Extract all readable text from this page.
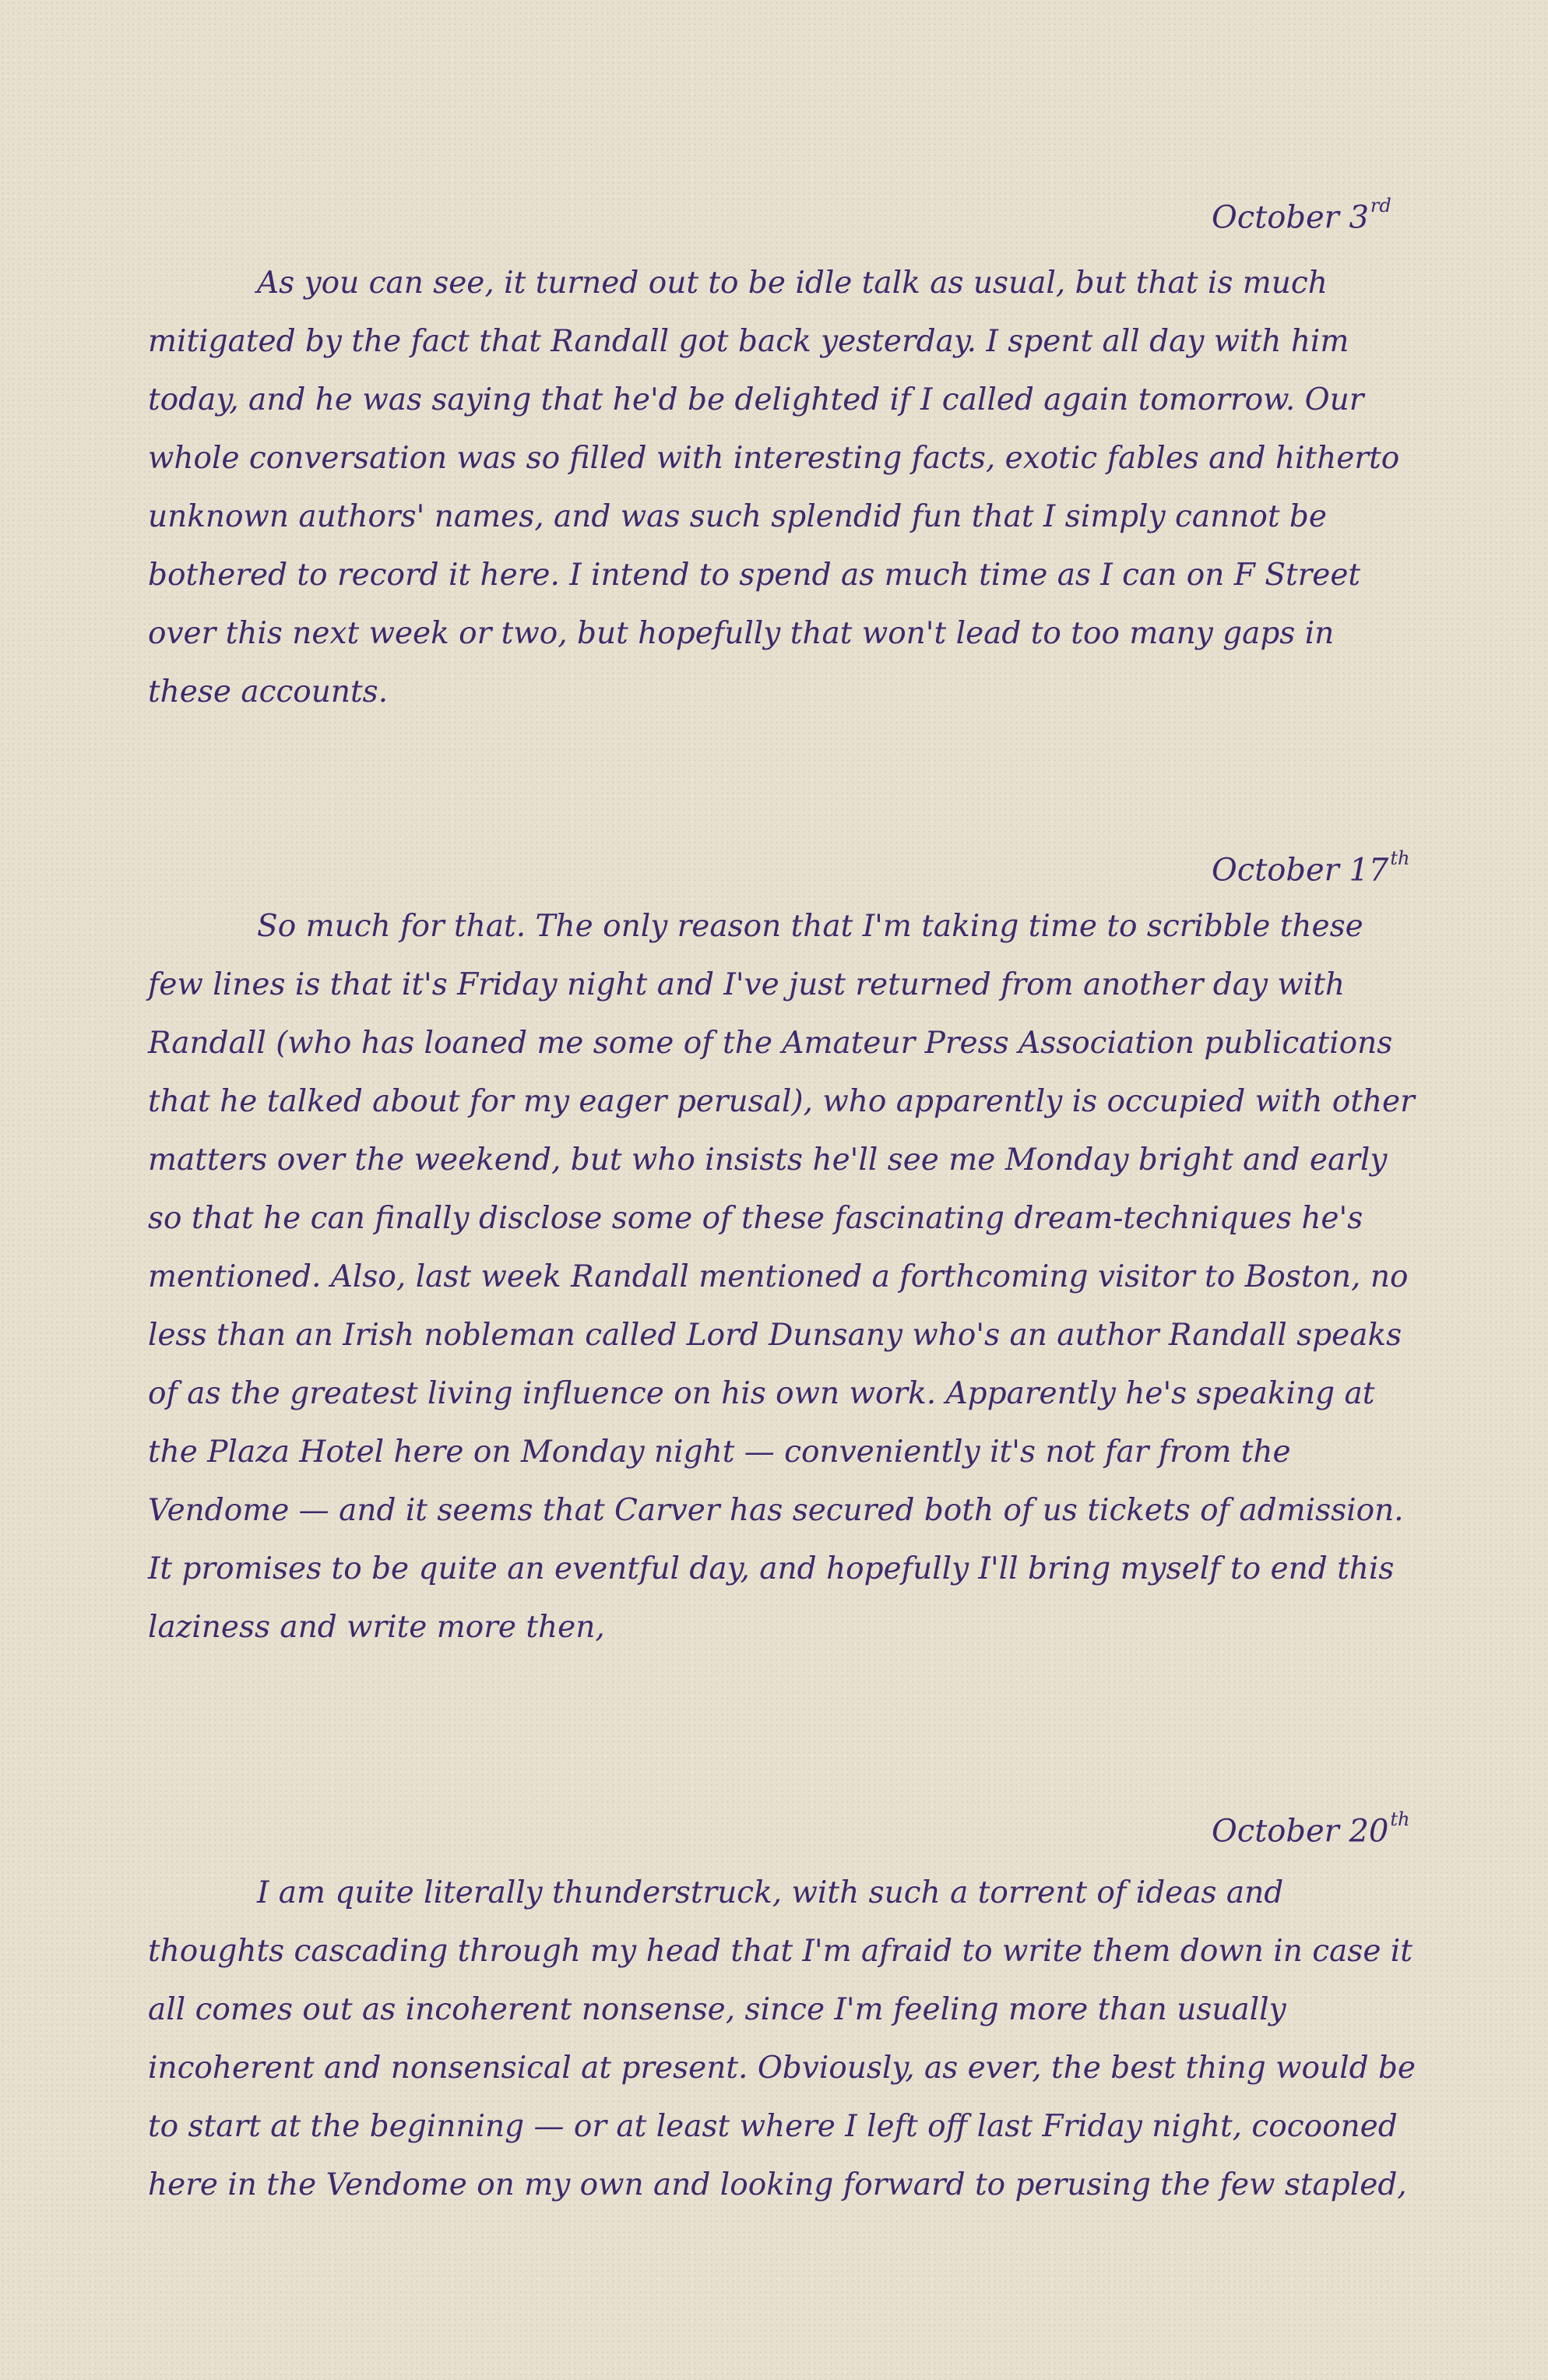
October 3rd

As you can see, it turned out to be idle talk as usual, but that is much mitigated by the fact that Randall got back yesterday. I spent all day with him today, and he was saying that he'd be delighted if I called again tomorrow. Our whole conversation was so filled with interesting facts, exotic fables and hitherto unknown authors' names, and was such splendid fun that I simply cannot be bothered to record it here. I intend to spend as much time as I can on F Street over this next week or two, but hopefully that won't lead to too many gaps in these accounts.

October 17th

So much for that. The only reason that I'm taking time to scribble these few lines is that it's Friday night and I've just returned from another day with Randall (who has loaned me some of the Amateur Press Association publications that he talked about for my eager perusal), who apparently is occupied with other matters over the weekend, but who insists he'll see me Monday bright and early so that he can finally disclose some of these fascinating dream-techniques he's mentioned. Also, last week Randall mentioned a forthcoming visitor to Boston, no less than an Irish nobleman called Lord Dunsany who's an author Randall speaks of as the greatest living influence on his own work. Apparently he's speaking at the Plaza Hotel here on Monday night — conveniently it's not far from the Vendome — and it seems that Carver has secured both of us tickets of admission. It promises to be quite an eventful day, and hopefully I'll bring myself to end this laziness and write more then,

October 20th

I am quite literally thunderstruck, with such a torrent of ideas and thoughts cascading through my head that I'm afraid to write them down in case it all comes out as incoherent nonsense, since I'm feeling more than usually incoherent and nonsensical at present. Obviously, as ever, the best thing would be to start at the beginning — or at least where I left off last Friday night, cocooned here in the Vendome on my own and looking forward to perusing the few stapled,
